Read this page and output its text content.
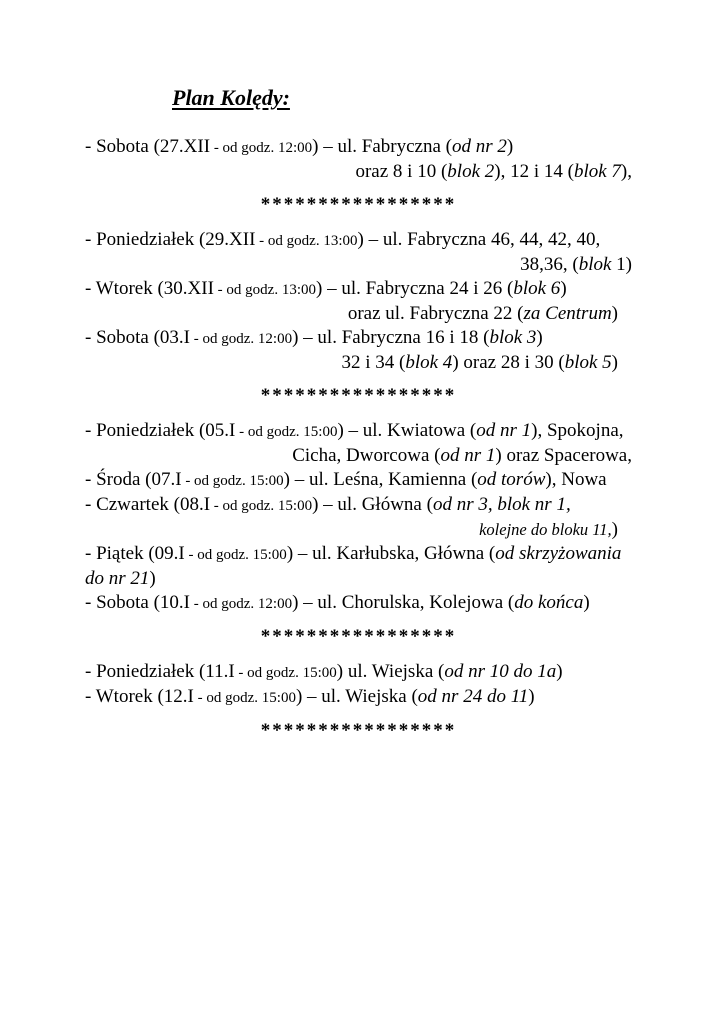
Plan Kolędy:
- Sobota (27.XII - od godz. 12:00) – ul. Fabryczna (od nr 2)
oraz 8 i 10 (blok 2), 12 i 14 (blok 7),
*****************
- Poniedziałek (29.XII - od godz. 13:00) – ul. Fabryczna 46, 44, 42, 40,
38,36, (blok 1)
- Wtorek (30.XII - od godz. 13:00) – ul. Fabryczna 24 i 26 (blok 6)
oraz ul. Fabryczna 22 (za Centrum)
- Sobota (03.I - od godz. 12:00) – ul. Fabryczna 16 i 18 (blok 3)
32 i 34 (blok 4) oraz 28 i 30 (blok 5)
*****************
- Poniedziałek (05.I - od godz. 15:00) – ul. Kwiatowa (od nr 1), Spokojna,
Cicha, Dworcowa (od nr 1) oraz Spacerowa,
- Środa (07.I - od godz. 15:00) – ul. Leśna, Kamienna (od torów), Nowa
- Czwartek (08.I - od godz. 15:00) – ul. Główna (od nr 3, blok nr 1,
kolejne do bloku 11,)
- Piątek (09.I - od godz. 15:00) – ul. Karłubska, Główna (od skrzyżowania
do nr 21)
- Sobota (10.I - od godz. 12:00) – ul. Chorulska, Kolejowa (do końca)
*****************
- Poniedziałek (11.I - od godz. 15:00) ul. Wiejska (od nr 10 do 1a)
- Wtorek (12.I - od godz. 15:00) – ul. Wiejska (od nr 24 do 11)
*****************
